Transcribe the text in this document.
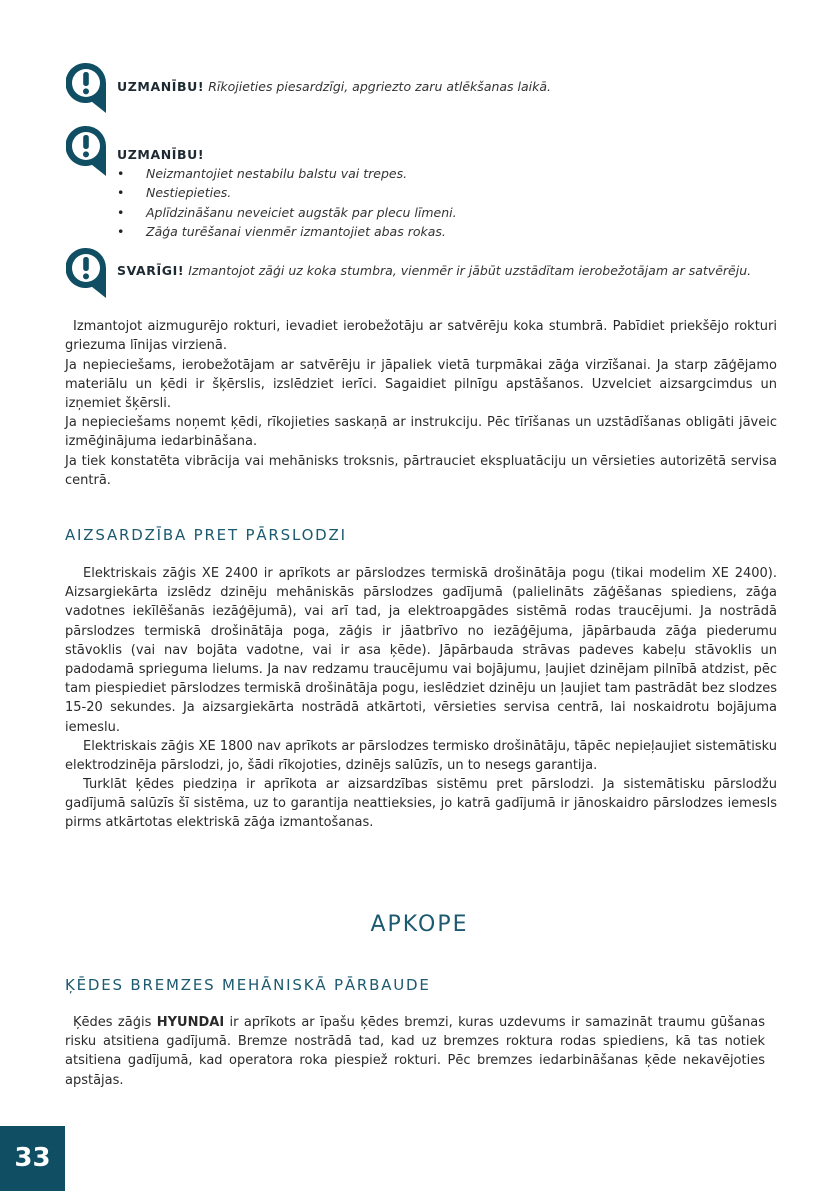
UZMANĪBU! Rīkojieties piesardzīgi, apgriezto zaru atlēkšanas laikā.
UZMANĪBU!
• Neizmantojiet nestabilu balstu vai trepes.
• Nestiepieties.
• Aplīdzināšanu neveiciet augstāk par plecu līmeni.
• Zāģa turēšanai vienmēr izmantojiet abas rokas.
SVARĪGI! Izmantojot zāģi uz koka stumbra, vienmēr ir jābūt uzstādītam ierobežotājam ar satvērēju.

Izmantojot aizmugurējo rokturi, ievadiet ierobežotāju ar satvērēju koka stumbrā. Pabīdiet priekšējo rokturi griezuma līnijas virzienā.

Ja nepieciešams, ierobežotājam ar satvērēju ir jāpaliek vietā turpmākai zāģa virzīšanai. Ja starp zāģējamo materiālu un ķēdi ir šķērslis, izslēdziet ierīci. Sagaidiet pilnīgu apstāšanos. Uzvelciet aizsargcimdus un izņemiet šķērsli.

Ja nepieciešams noņemt ķēdi, rīkojieties saskaņā ar instrukciju. Pēc tīrīšanas un uzstādīšanas obligāti jāveic izmēģinājuma iedarbināšana.

Ja tiek konstatēta vibrācija vai mehānisks troksnis, pārtrauciet ekspluatāciju un vērsieties autorizētā servisa centrā.

AIZSARDZĪBA PRET PĀRSLODZI

Elektriskais zāģis XE 2400 ir aprīkots ar pārslodzes termiskā drošinātāja pogu (tikai modelim XE 2400). Aizsargiekārta izslēdz dzinēju mehāniskās pārslodzes gadījumā (palielināts zāģēšanas spiediens, zāģa vadotnes iekīlēšanās iezāģējumā), vai arī tad, ja elektroapgādes sistēmā rodas traucējumi. Ja nostrādā pārslodzes termiskā drošinātāja poga, zāģis ir jāatbrīvo no iezāģējuma, jāpārbauda zāģa piederumu stāvoklis (vai nav bojāta vadotne, vai ir asa ķēde). Jāpārbauda strāvas padeves kabeļu stāvoklis un padodamā sprieguma lielums. Ja nav redzamu traucējumu vai bojājumu, ļaujiet dzinējam pilnībā atdzist, pēc tam piespiediet pārslodzes termiskā drošinātāja pogu, ieslēdziet dzinēju un ļaujiet tam pastrādāt bez slodzes 15-20 sekundes. Ja aizsargiekārta nostrādā atkārtoti, vērsieties servisa centrā, lai noskaidrotu bojājuma iemeslu.

Elektriskais zāģis XE 1800 nav aprīkots ar pārslodzes termisko drošinātāju, tāpēc nepieļaujiet sistemātisku elektrodzinēja pārslodzi, jo, šādi rīkojoties, dzinējs salūzīs, un to nesegs garantija.

Turklāt ķēdes piedziņa ir aprīkota ar aizsardzības sistēmu pret pārslodzi. Ja sistemātisku pārslodžu gadījumā salūzīs šī sistēma, uz to garantija neattieksies, jo katrā gadījumā ir jānoskaidro pārslodzes iemesls pirms atkārtotas elektriskā zāģa izmantošanas.

APKOPE
ĶĒDES BREMZES MEHĀNISKĀ PĀRBAUDE

Ķēdes zāģis HYUNDAI ir aprīkots ar īpašu ķēdes bremzi, kuras uzdevums ir samazināt traumu gūšanas risku atsitiena gadījumā. Bremze nostrādā tad, kad uz bremzes roktura rodas spiediens, kā tas notiek atsitiena gadījumā, kad operatora roka piespiež rokturi. Pēc bremzes iedarbināšanas ķēde nekavējoties apstājas.

33
